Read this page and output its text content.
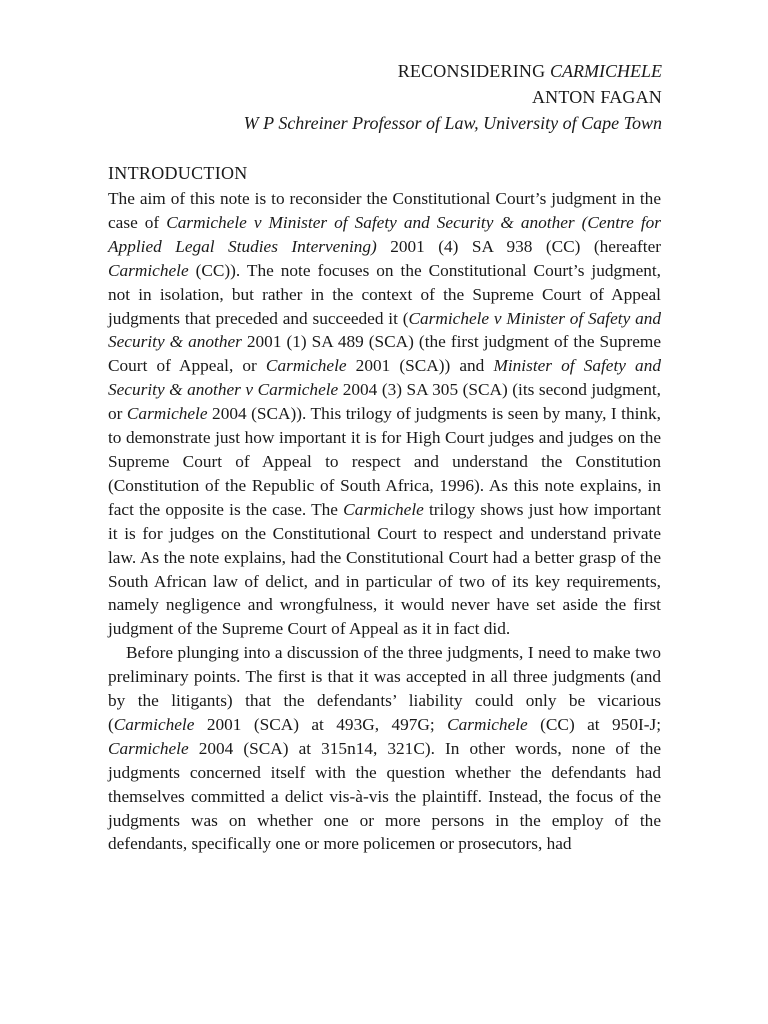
RECONSIDERING CARMICHELE
ANTON FAGAN
W P Schreiner Professor of Law, University of Cape Town
INTRODUCTION

The aim of this note is to reconsider the Constitutional Court’s judgment in the case of Carmichele v Minister of Safety and Security & another (Centre for Applied Legal Studies Intervening) 2001 (4) SA 938 (CC) (hereafter Carmichele (CC)). The note focuses on the Constitutional Court’s judgment, not in isolation, but rather in the context of the Supreme Court of Appeal judgments that preceded and succeeded it (Carmichele v Minister of Safety and Security & another 2001 (1) SA 489 (SCA) (the first judgment of the Supreme Court of Appeal, or Carmichele 2001 (SCA)) and Minister of Safety and Security & another v Carmichele 2004 (3) SA 305 (SCA) (its second judgment, or Carmichele 2004 (SCA)). This trilogy of judgments is seen by many, I think, to demonstrate just how important it is for High Court judges and judges on the Supreme Court of Appeal to respect and understand the Constitution (Constitution of the Republic of South Africa, 1996). As this note explains, in fact the opposite is the case. The Carmichele trilogy shows just how important it is for judges on the Constitutional Court to respect and understand private law. As the note explains, had the Constitutional Court had a better grasp of the South African law of delict, and in particular of two of its key requirements, namely negligence and wrongfulness, it would never have set aside the first judgment of the Supreme Court of Appeal as it in fact did.

Before plunging into a discussion of the three judgments, I need to make two preliminary points. The first is that it was accepted in all three judgments (and by the litigants) that the defendants’ liability could only be vicarious (Carmichele 2001 (SCA) at 493G, 497G; Carmichele (CC) at 950I-J; Carmichele 2004 (SCA) at 315n14, 321C). In other words, none of the judgments concerned itself with the question whether the defendants had themselves committed a delict vis-à-vis the plaintiff. Instead, the focus of the judgments was on whether one or more persons in the employ of the defendants, specifically one or more policemen or prosecutors, had
